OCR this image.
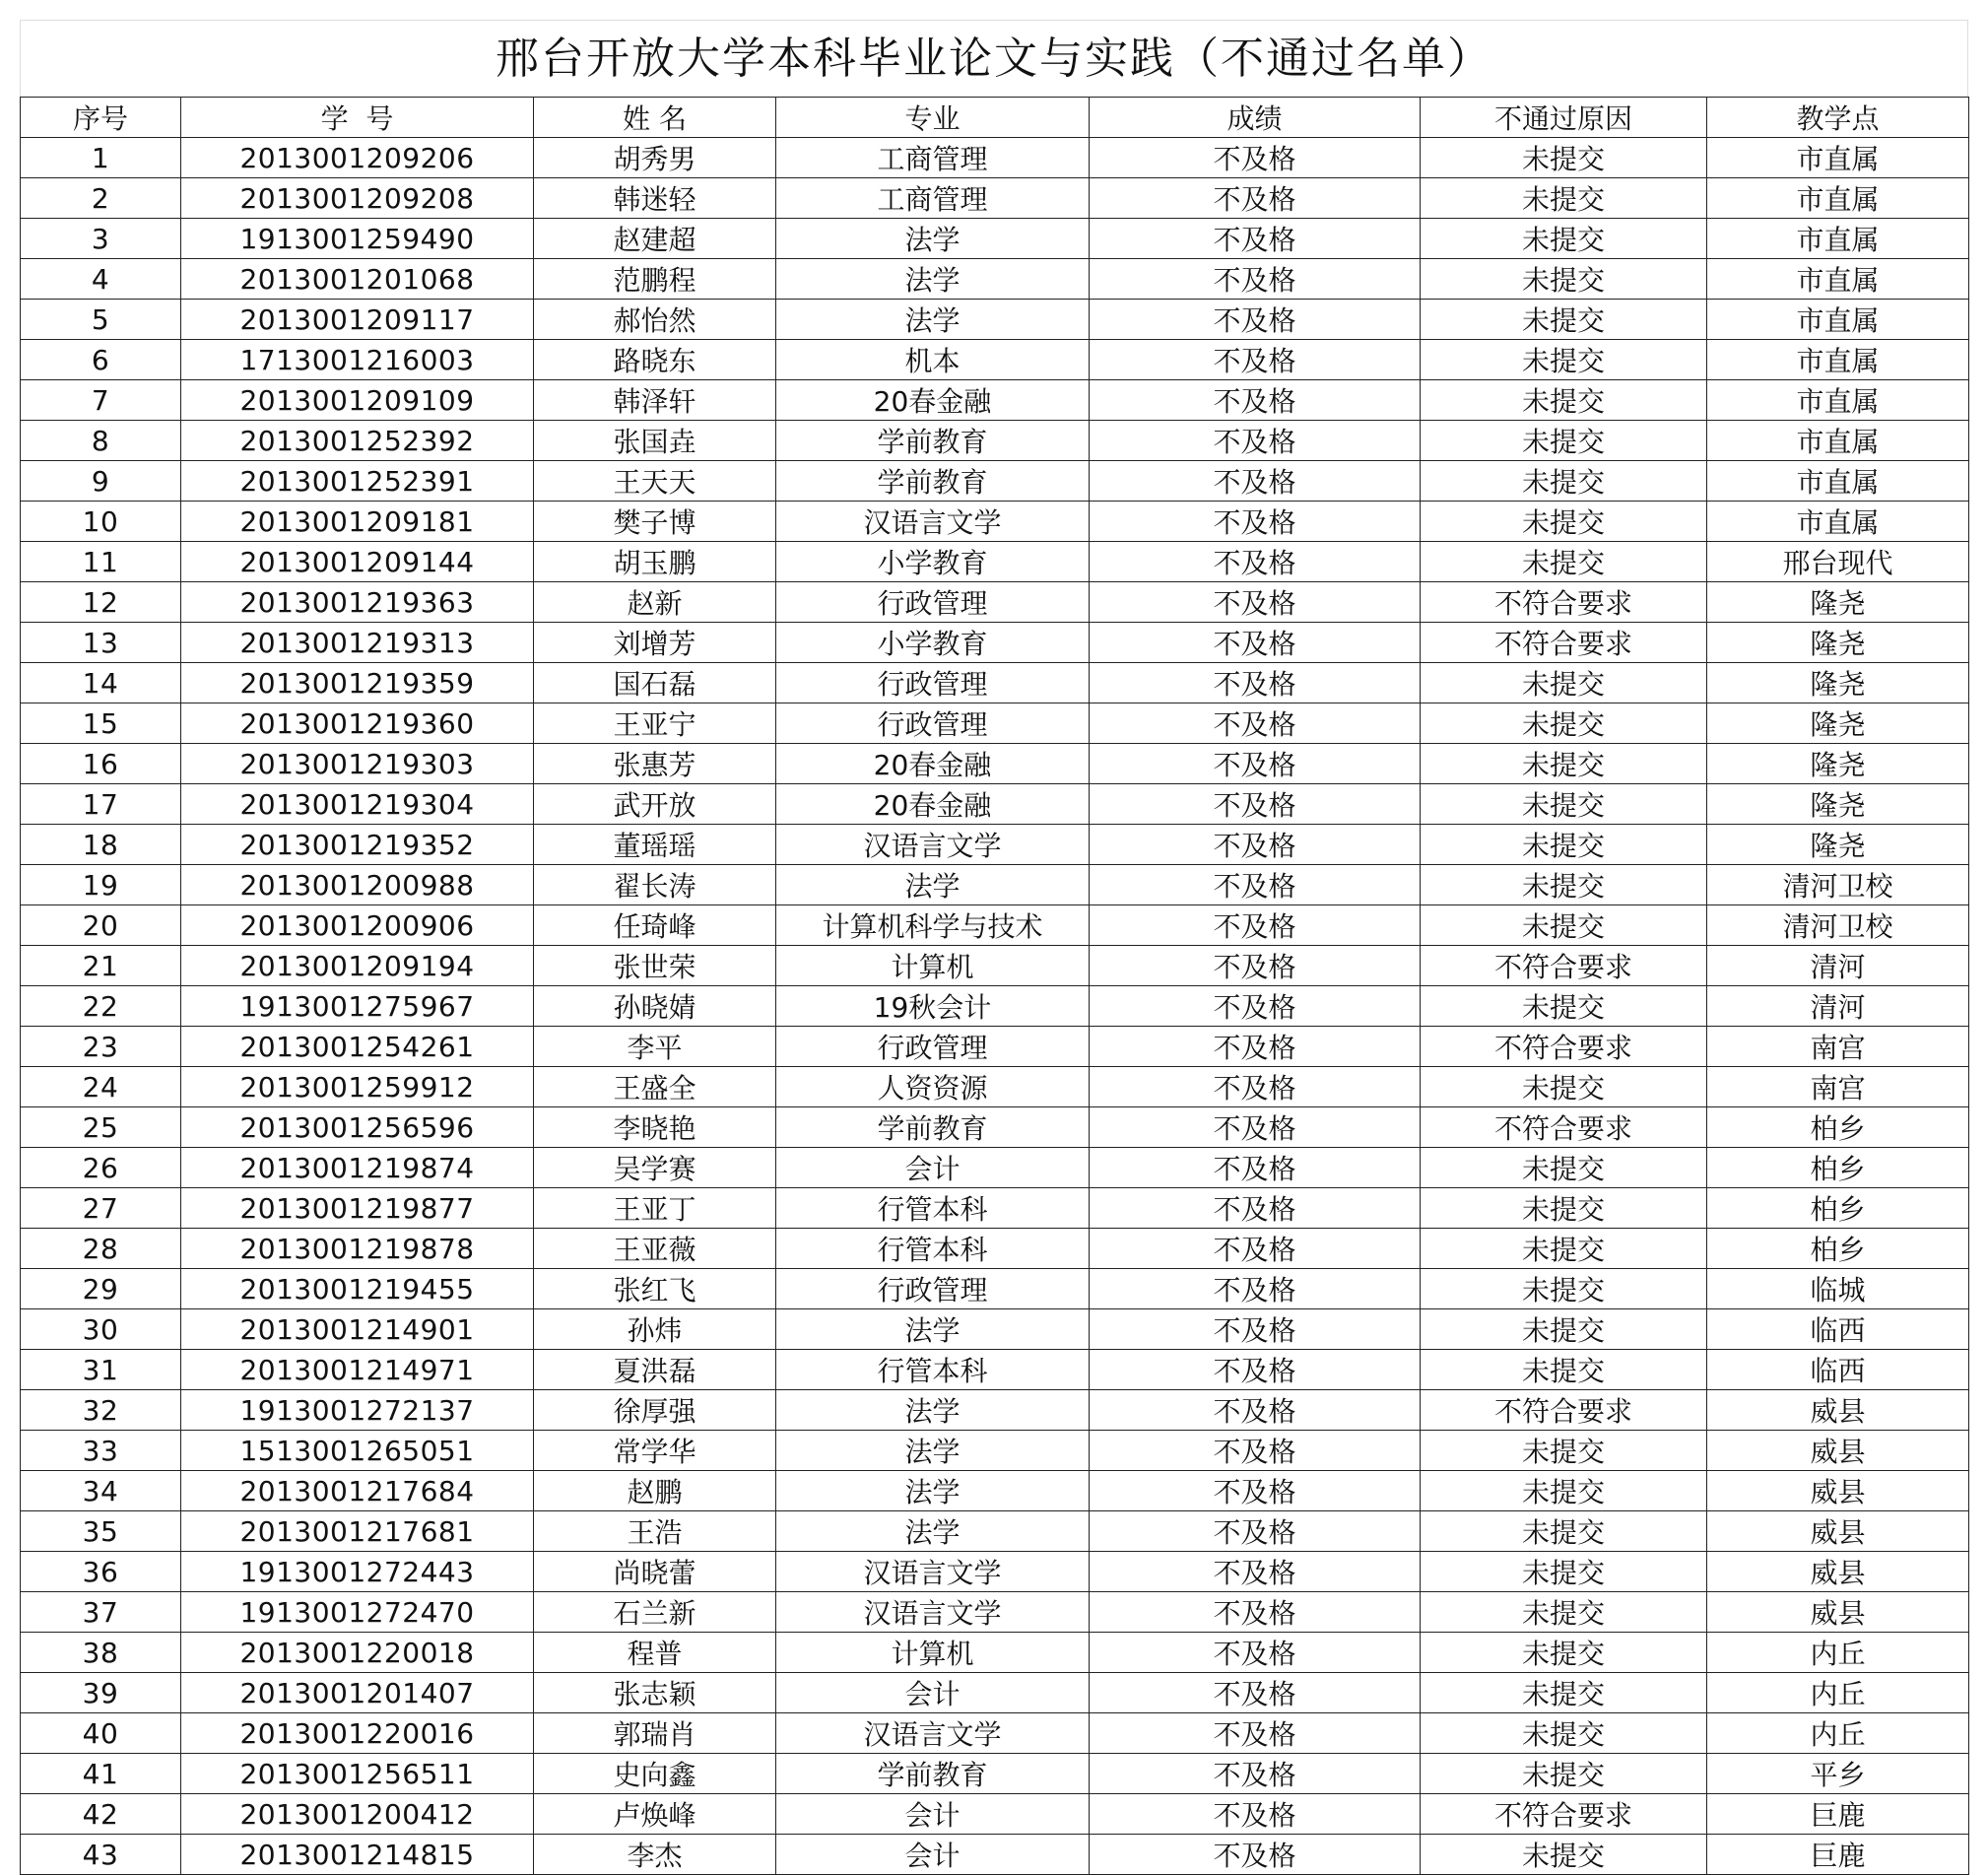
邢台开放大学本科毕业论文与实践（不通过名单）
序号	学  号	姓 名	专业	成绩	不通过原因	教学点
1	2013001209206	胡秀男	工商管理	不及格	未提交	市直属
2	2013001209208	韩迷轻	工商管理	不及格	未提交	市直属
3	1913001259490	赵建超	法学	不及格	未提交	市直属
4	2013001201068	范鹏程	法学	不及格	未提交	市直属
5	2013001209117	郝怡然	法学	不及格	未提交	市直属
6	1713001216003	路晓东	机本	不及格	未提交	市直属
7	2013001209109	韩泽轩	20春金融	不及格	未提交	市直属
8	2013001252392	张国垚	学前教育	不及格	未提交	市直属
9	2013001252391	王天天	学前教育	不及格	未提交	市直属
10	2013001209181	樊子博	汉语言文学	不及格	未提交	市直属
11	2013001209144	胡玉鹏	小学教育	不及格	未提交	邢台现代
12	2013001219363	赵新	行政管理	不及格	不符合要求	隆尧
13	2013001219313	刘增芳	小学教育	不及格	不符合要求	隆尧
14	2013001219359	国石磊	行政管理	不及格	未提交	隆尧
15	2013001219360	王亚宁	行政管理	不及格	未提交	隆尧
16	2013001219303	张惠芳	20春金融	不及格	未提交	隆尧
17	2013001219304	武开放	20春金融	不及格	未提交	隆尧
18	2013001219352	董瑶瑶	汉语言文学	不及格	未提交	隆尧
19	2013001200988	翟长涛	法学	不及格	未提交	清河卫校
20	2013001200906	任琦峰	计算机科学与技术	不及格	未提交	清河卫校
21	2013001209194	张世荣	计算机	不及格	不符合要求	清河
22	1913001275967	孙晓婧	19秋会计	不及格	未提交	清河
23	2013001254261	李平	行政管理	不及格	不符合要求	南宫
24	2013001259912	王盛全	人资资源	不及格	未提交	南宫
25	2013001256596	李晓艳	学前教育	不及格	不符合要求	柏乡
26	2013001219874	吴学赛	会计	不及格	未提交	柏乡
27	2013001219877	王亚丁	行管本科	不及格	未提交	柏乡
28	2013001219878	王亚薇	行管本科	不及格	未提交	柏乡
29	2013001219455	张红飞	行政管理	不及格	未提交	临城
30	2013001214901	孙炜	法学	不及格	未提交	临西
31	2013001214971	夏洪磊	行管本科	不及格	未提交	临西
32	1913001272137	徐厚强	法学	不及格	不符合要求	威县
33	1513001265051	常学华	法学	不及格	未提交	威县
34	2013001217684	赵鹏	法学	不及格	未提交	威县
35	2013001217681	王浩	法学	不及格	未提交	威县
36	1913001272443	尚晓蕾	汉语言文学	不及格	未提交	威县
37	1913001272470	石兰新	汉语言文学	不及格	未提交	威县
38	2013001220018	程普	计算机	不及格	未提交	内丘
39	2013001201407	张志颖	会计	不及格	未提交	内丘
40	2013001220016	郭瑞肖	汉语言文学	不及格	未提交	内丘
41	2013001256511	史向鑫	学前教育	不及格	未提交	平乡
42	2013001200412	卢焕峰	会计	不及格	不符合要求	巨鹿
43	2013001214815	李杰	会计	不及格	未提交	巨鹿
